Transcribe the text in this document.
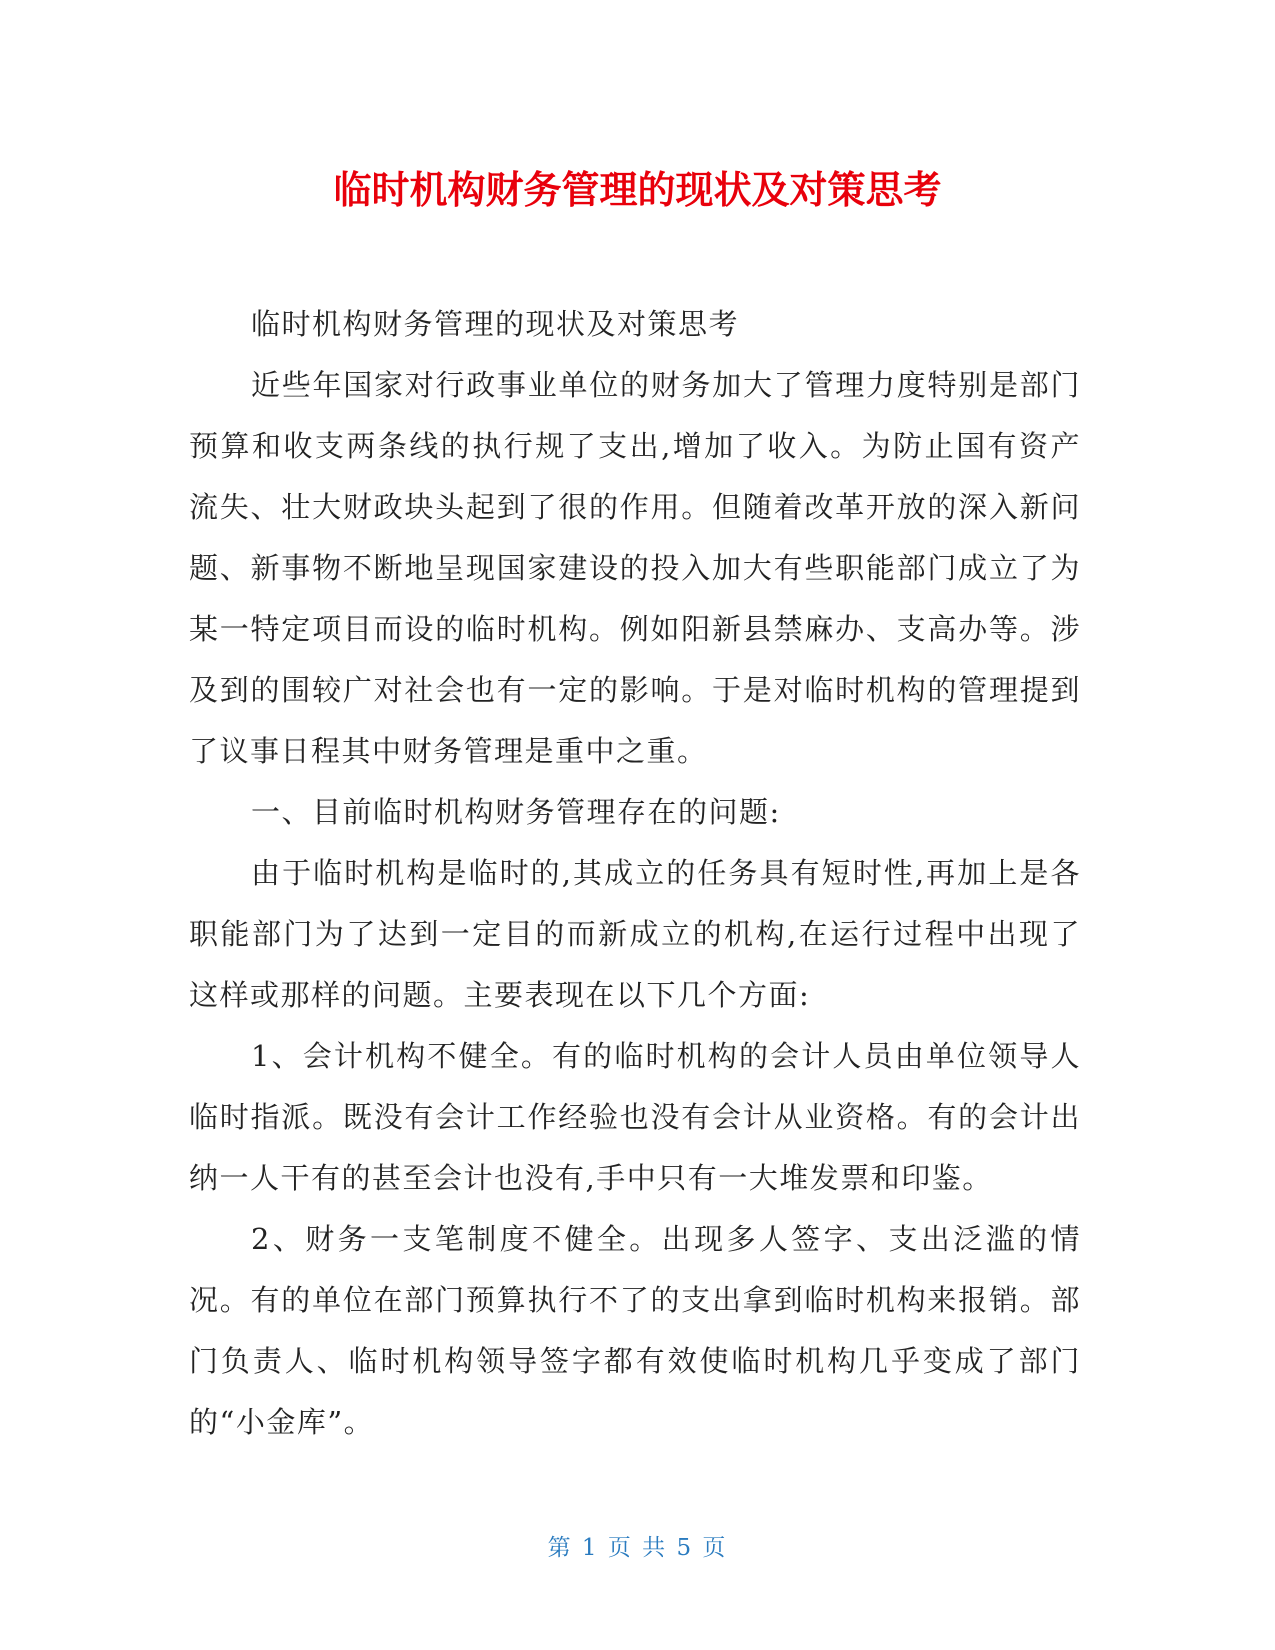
临时机构财务管理的现状及对策思考

临时机构财务管理的现状及对策思考

近些年国家对行政事业单位的财务加大了管理力度特别是部门预算和收支两条线的执行规了支出,增加了收入。为防止国有资产流失、壮大财政块头起到了很的作用。但随着改革开放的深入新问题、新事物不断地呈现国家建设的投入加大有些职能部门成立了为某一特定项目而设的临时机构。例如阳新县禁麻办、支高办等。涉及到的围较广对社会也有一定的影响。于是对临时机构的管理提到了议事日程其中财务管理是重中之重。

一、目前临时机构财务管理存在的问题:

由于临时机构是临时的,其成立的任务具有短时性,再加上是各职能部门为了达到一定目的而新成立的机构,在运行过程中出现了这样或那样的问题。主要表现在以下几个方面:

1、会计机构不健全。有的临时机构的会计人员由单位领导人临时指派。既没有会计工作经验也没有会计从业资格。有的会计出纳一人干有的甚至会计也没有,手中只有一大堆发票和印鉴。

2、财务一支笔制度不健全。出现多人签字、支出泛滥的情况。有的单位在部门预算执行不了的支出拿到临时机构来报销。部门负责人、临时机构领导签字都有效使临时机构几乎变成了部门的“小金库”。

第 1 页 共 5 页
